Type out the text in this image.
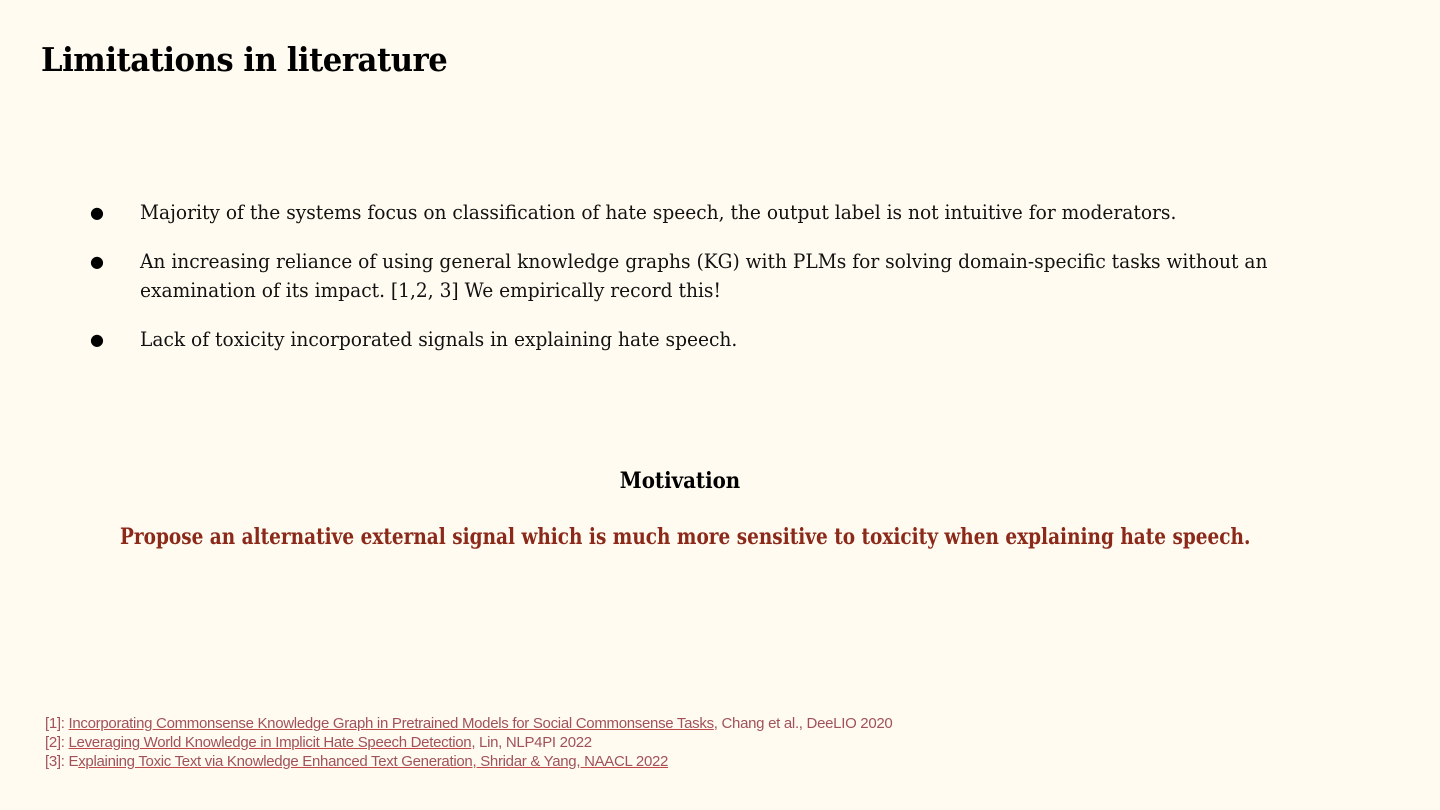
Limitations in literature
● Majority of the systems focus on classification of hate speech, the output label is not intuitive for moderators.
● An increasing reliance of using general knowledge graphs (KG) with PLMs for solving domain-specific tasks without an examination of its impact. [1,2, 3] We empirically record this!
● Lack of toxicity incorporated signals in explaining hate speech.
Motivation

Propose an alternative external signal which is much more sensitive to toxicity when explaining hate speech.

[1]: Incorporating Commonsense Knowledge Graph in Pretrained Models for Social Commonsense Tasks, Chang et al., DeeLIO 2020
[2]: Leveraging World Knowledge in Implicit Hate Speech Detection, Lin, NLP4PI 2022
[3]: Explaining Toxic Text via Knowledge Enhanced Text Generation, Shridar & Yang, NAACL 2022
